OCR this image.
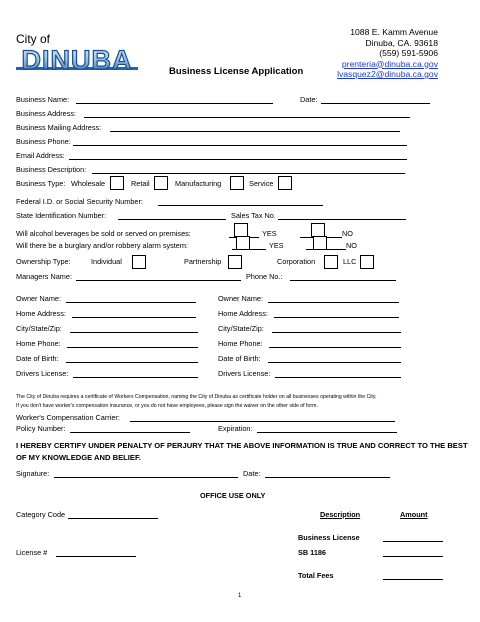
City of
DINUBA	Business License Application
1088 E. Kamm Avenue
Dinuba, CA. 93618
(559) 591-5906
prenteria@dinuba.ca.gov
lvasquez2@dinuba.ca.gov
Business Name:	Date:
Business Address:
Business Mailing Address:
Business Phone:
Email Address:
Business Description:
Business Type: Wholesale	Retail	Manufacturing	Service
Federal I.D. or Social Security Number:
State Identification Number:	Sales Tax No.
Will alcohol beverages be sold or served on premises:	YES	NO
Will there be a burglary and/or robbery alarm system:	YES	NO
Ownership Type:	Individual	Partnership	Corporation	LLC
Managers Name:	Phone No.:
Owner Name:
Home Address:
City/State/Zip:
Home Phone:
Date of Birth:
Drivers License:
Owner Name:
Home Address:
City/State/Zip:
Home Phone:
Date of Birth:
Drivers License:
The City of Dinuba requires a certificate of Workers Compensation, naming the City of Dinuba as certificate holder on all businesses operating within the City.
If you don't have worker's compensation insurance, or you do not have employees, please sign the waiver on the other side of form.
Worker's Compensation Carrier:
Policy Number:	Expiration:
I HEREBY CERTIFY UNDER PENALTY OF PERJURY THAT THE ABOVE INFORMATION IS TRUE AND CORRECT TO THE BEST
OF MY KNOWLEDGE AND BELIEF.
Signature:	Date:
OFFICE USE ONLY
Category Code	Description	Amount
Business License
License #	SB 1186
Total Fees
1
